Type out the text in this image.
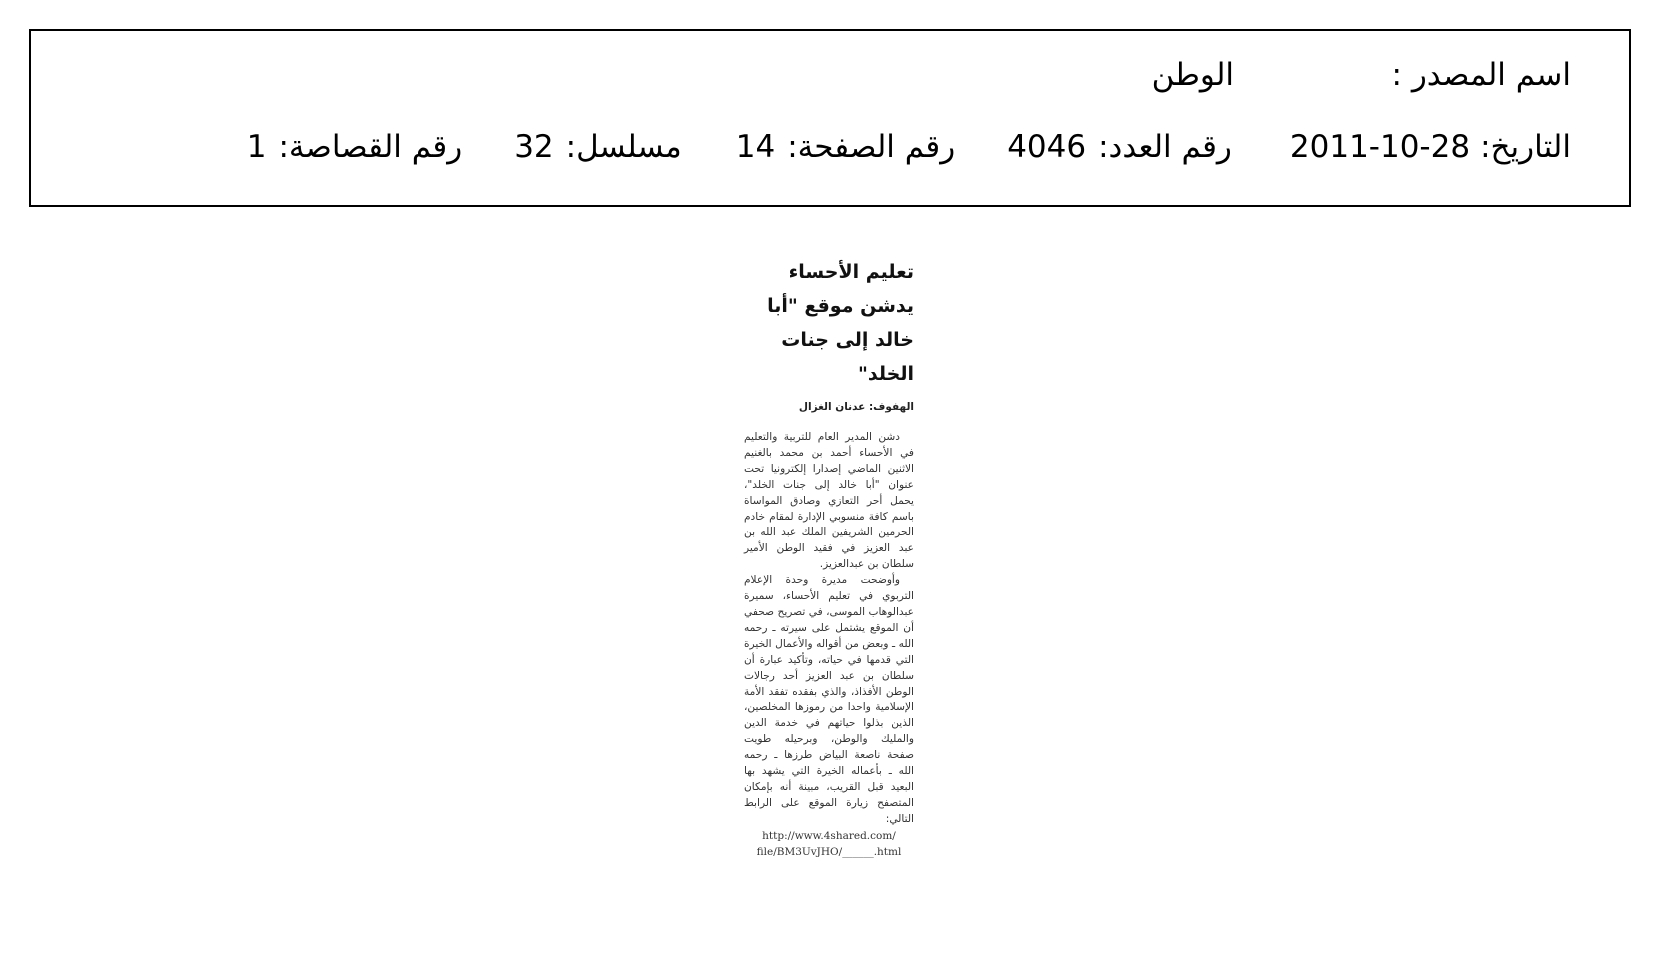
اسم المصدر :
الوطن
التاريخ:
2011-10-28
رقم العدد:
4046
رقم الصفحة:
14
مسلسل:
32
رقم القصاصة:
1
تعليم الأحساء
يدشن موقع "أبا
خالد إلى جنات الخلد"
الهفوف: عدنان الغزال

دشن المدير العام للتربية والتعليم في الأحساء أحمد بن محمد بالغنيم الاثنين الماضي إصدارا إلكترونيا تحت عنوان "أبا خالد إلى جنات الخلد"، يحمل أحر التعازي وصادق المواساة باسم كافة منسوبي الإدارة لمقام خادم الحرمين الشريفين الملك عبد الله بن عبد العزيز في فقيد الوطن الأمير سلطان بن عبدالعزيز.

وأوضحت مديرة وحدة الإعلام التربوي في تعليم الأحساء، سميرة عبدالوهاب الموسى، في تصريح صحفي أن الموقع يشتمل على سيرته ـ رحمه الله ـ وبعض من أقواله والأعمال الخيرة التي قدمها في حياته، وتأكيد عبارة أن سلطان بن عبد العزيز أحد رجالات الوطن الأفذاذ، والذي بفقده تفقد الأمة الإسلامية واحدا من رموزها المخلصين، الذين بذلوا حياتهم في خدمة الدين والمليك والوطن، وبرحيله طويت صفحة ناصعة البياض طرزها ـ رحمه الله ـ بأعماله الخيرة التي يشهد بها البعيد قبل القريب، مبينة أنه بإمكان المتصفح زيارة الموقع على الرابط التالي:

http://www.4shared.com/

file/BM3UvJHO/______.html
